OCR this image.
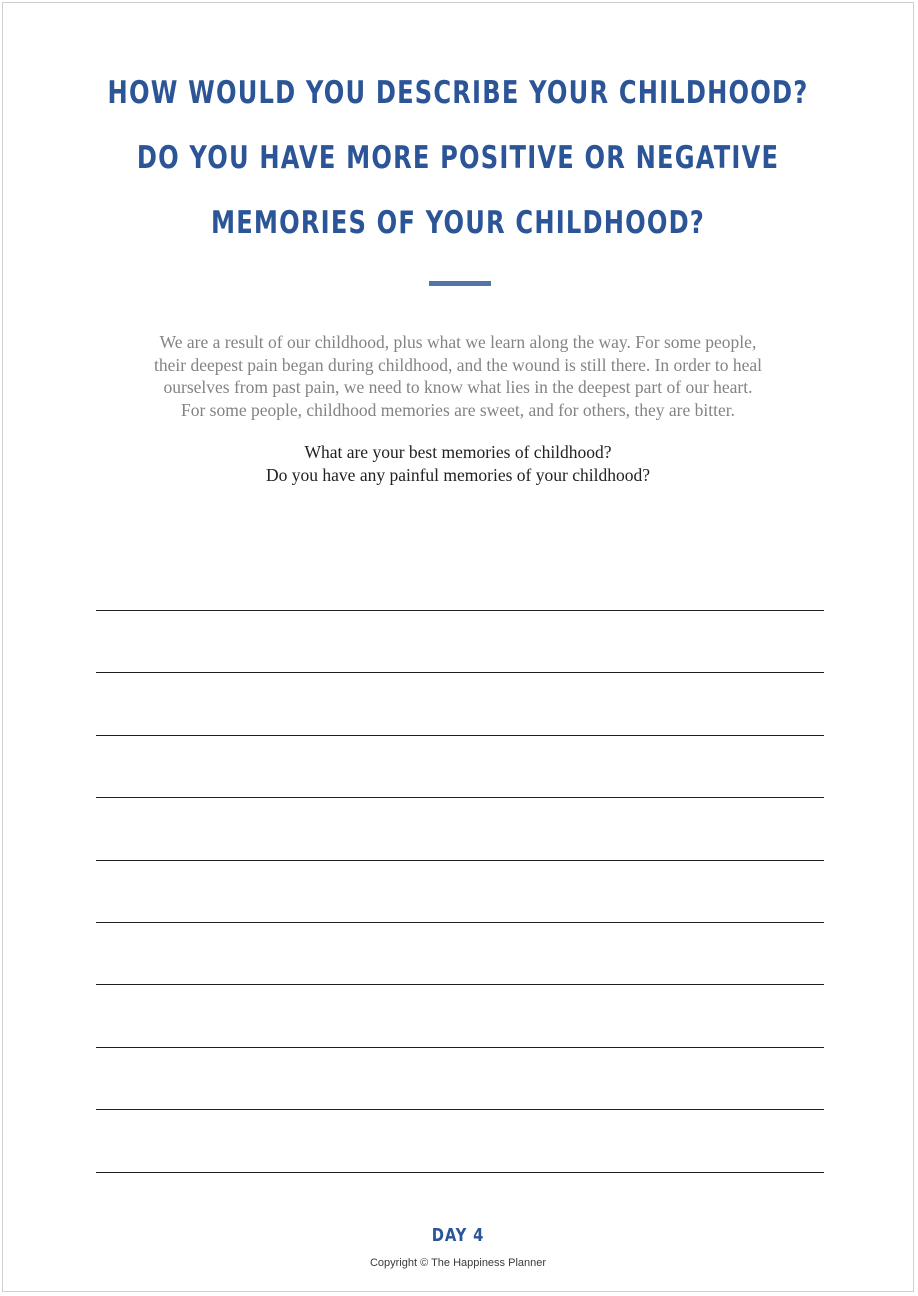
HOW WOULD YOU DESCRIBE YOUR CHILDHOOD?
DO YOU HAVE MORE POSITIVE OR NEGATIVE
MEMORIES OF YOUR CHILDHOOD?
We are a result of our childhood, plus what we learn along the way. For some people,
their deepest pain began during childhood, and the wound is still there. In order to heal
ourselves from past pain, we need to know what lies in the deepest part of our heart.
For some people, childhood memories are sweet, and for others, they are bitter.
What are your best memories of childhood?
Do you have any painful memories of your childhood?
DAY 4
Copyright © The Happiness Planner
